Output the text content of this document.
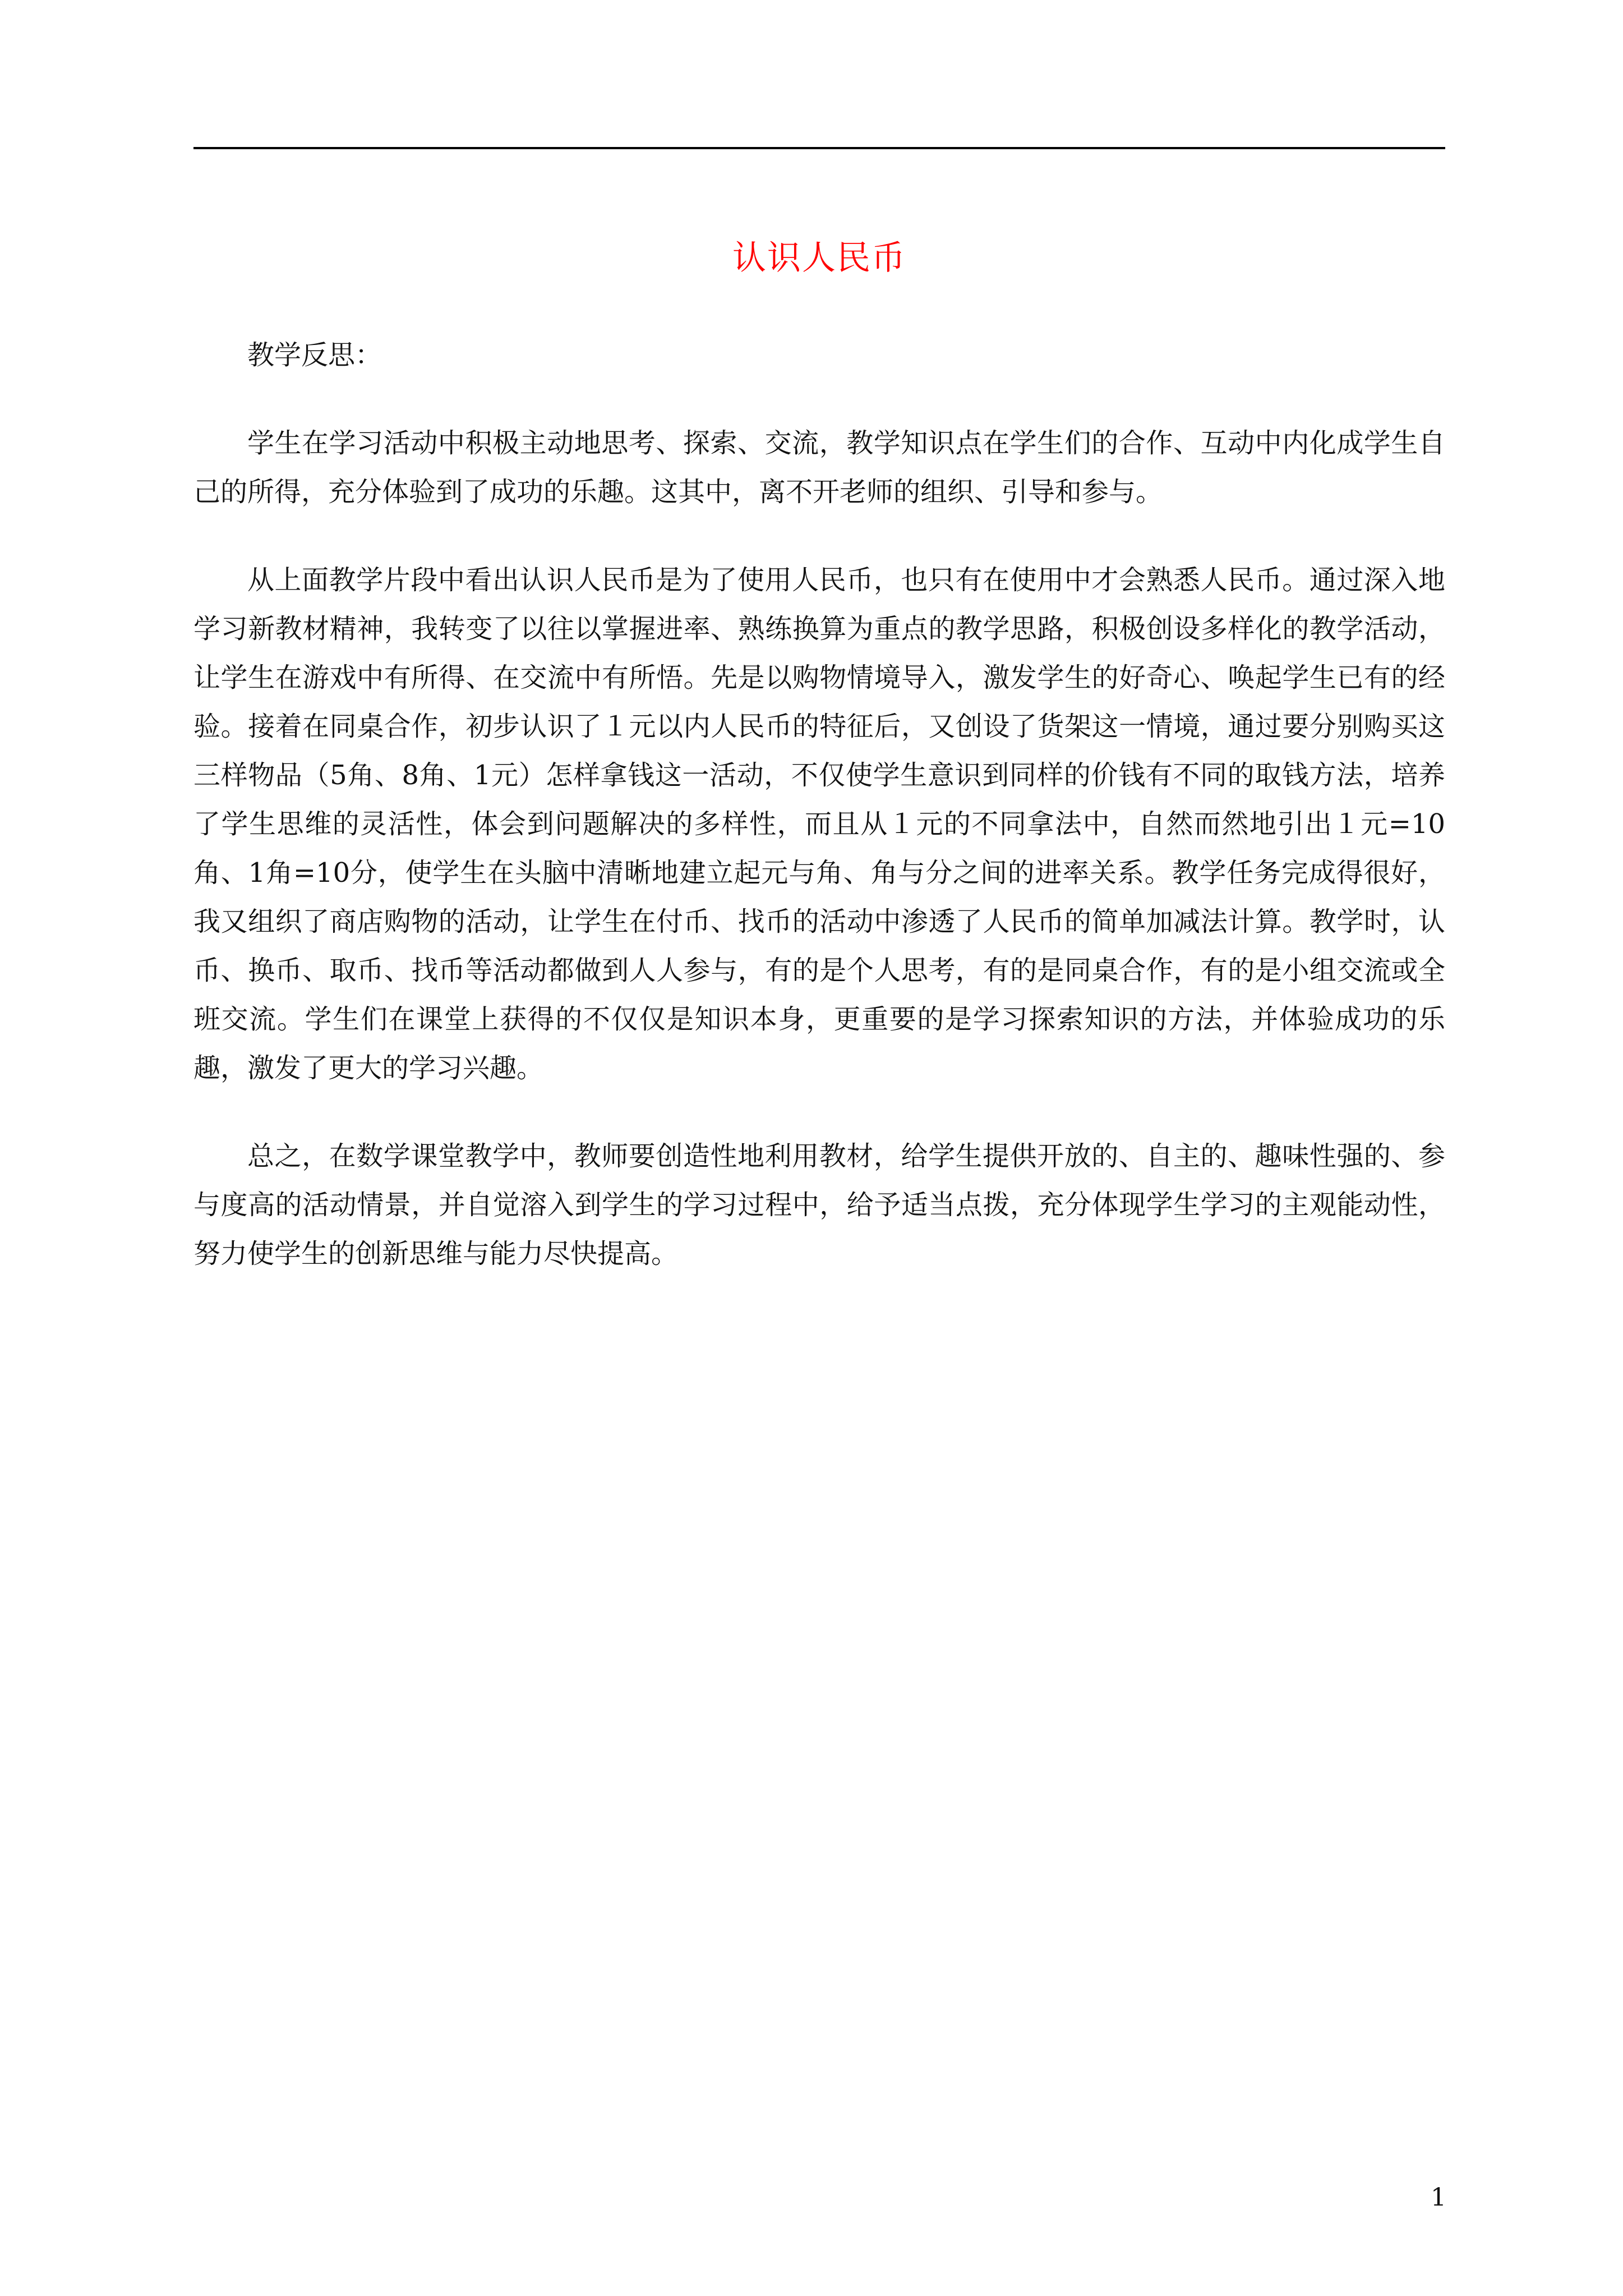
认识人民币

教学反思：

学生在学习活动中积极主动地思考、探索、交流，教学知识点在学生们的合作、互动中内化成学生自己的所得，充分体验到了成功的乐趣。这其中，离不开老师的组织、引导和参与。

从上面教学片段中看出认识人民币是为了使用人民币，也只有在使用中才会熟悉人民币。通过深入地学习新教材精神，我转变了以往以掌握进率、熟练换算为重点的教学思路，积极创设多样化的教学活动，让学生在游戏中有所得、在交流中有所悟。先是以购物情境导入，激发学生的好奇心、唤起学生已有的经验。接着在同桌合作，初步认识了１元以内人民币的特征后，又创设了货架这一情境，通过要分别购买这三样物品（5角、8角、1元）怎样拿钱这一活动，不仅使学生意识到同样的价钱有不同的取钱方法，培养了学生思维的灵活性，体会到问题解决的多样性，而且从１元的不同拿法中，自然而然地引出１元=10角、1角=10分，使学生在头脑中清晰地建立起元与角、角与分之间的进率关系。教学任务完成得很好，我又组织了商店购物的活动，让学生在付币、找币的活动中渗透了人民币的简单加减法计算。教学时，认币、换币、取币、找币等活动都做到人人参与，有的是个人思考，有的是同桌合作，有的是小组交流或全班交流。学生们在课堂上获得的不仅仅是知识本身，更重要的是学习探索知识的方法，并体验成功的乐趣，激发了更大的学习兴趣。

总之，在数学课堂教学中，教师要创造性地利用教材，给学生提供开放的、自主的、趣味性强的、参与度高的活动情景，并自觉溶入到学生的学习过程中，给予适当点拨，充分体现学生学习的主观能动性，努力使学生的创新思维与能力尽快提高。

1
